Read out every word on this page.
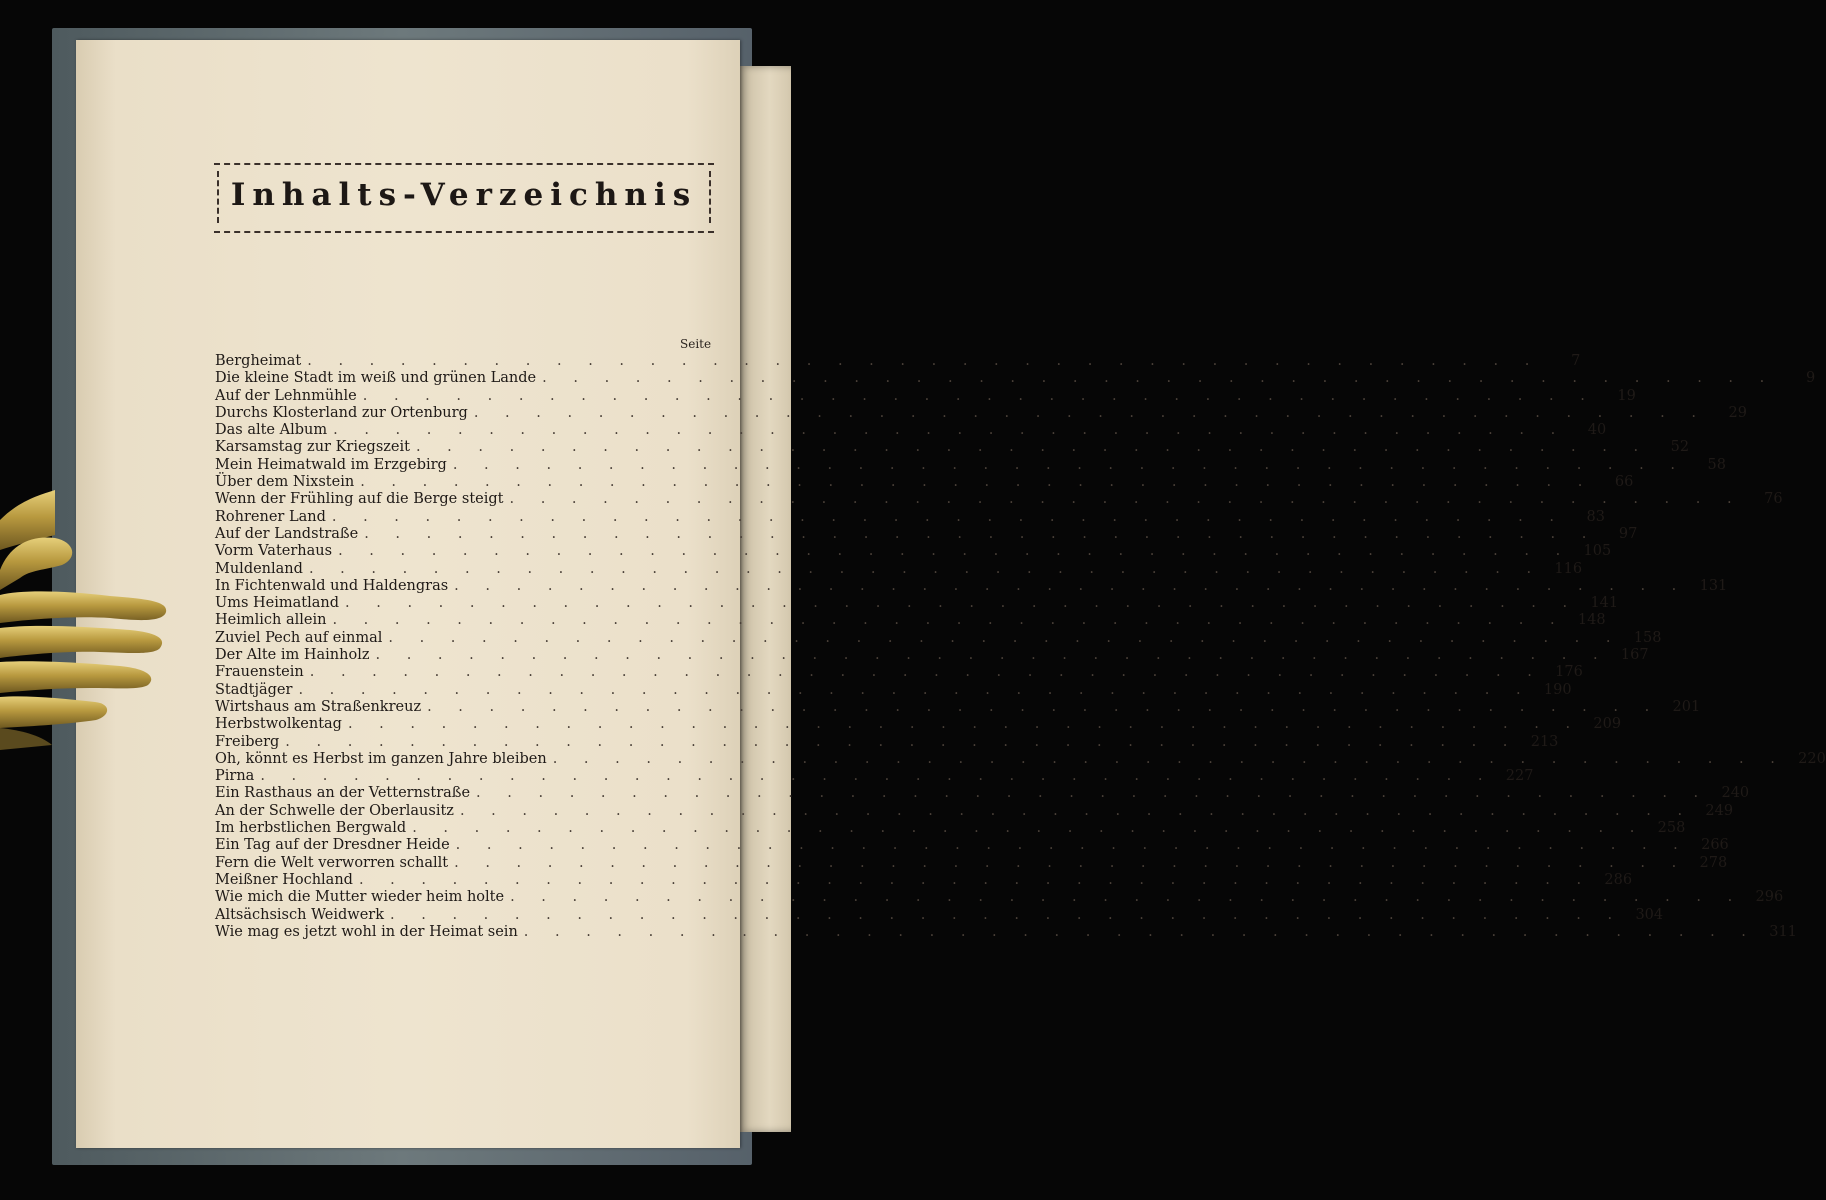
Inhalts-Verzeichnis
Seite
Bergheimat . . . . . . . . . . . . . . . . . . . . . . . . . . . . . . . . . . . . . . . .	7
Die kleine Stadt im weiß und grünen Lande . . . . . . . . . . . . . . . . . . . . . . . . . . . . . . . . . . . . . . . .	9
Auf der Lehnmühle . . . . . . . . . . . . . . . . . . . . . . . . . . . . . . . . . . . . . . . .	19
Durchs Klosterland zur Ortenburg . . . . . . . . . . . . . . . . . . . . . . . . . . . . . . . . . . . . . . . .	29
Das alte Album . . . . . . . . . . . . . . . . . . . . . . . . . . . . . . . . . . . . . . . .	40
Karsamstag zur Kriegszeit . . . . . . . . . . . . . . . . . . . . . . . . . . . . . . . . . . . . . . . .	52
Mein Heimatwald im Erzgebirg . . . . . . . . . . . . . . . . . . . . . . . . . . . . . . . . . . . . . . . .	58
Über dem Nixstein . . . . . . . . . . . . . . . . . . . . . . . . . . . . . . . . . . . . . . . .	66
Wenn der Frühling auf die Berge steigt . . . . . . . . . . . . . . . . . . . . . . . . . . . . . . . . . . . . . . . .	76
Rohrener Land . . . . . . . . . . . . . . . . . . . . . . . . . . . . . . . . . . . . . . . .	83
Auf der Landstraße . . . . . . . . . . . . . . . . . . . . . . . . . . . . . . . . . . . . . . . .	97
Vorm Vaterhaus . . . . . . . . . . . . . . . . . . . . . . . . . . . . . . . . . . . . . . . . 105
Muldenland . . . . . . . . . . . . . . . . . . . . . . . . . . . . . . . . . . . . . . . . 116
In Fichtenwald und Haldengras . . . . . . . . . . . . . . . . . . . . . . . . . . . . . . . . . . . . . . . . 131
Ums Heimatland . . . . . . . . . . . . . . . . . . . . . . . . . . . . . . . . . . . . . . . . 141
Heimlich allein . . . . . . . . . . . . . . . . . . . . . . . . . . . . . . . . . . . . . . . . 148
Zuviel Pech auf einmal . . . . . . . . . . . . . . . . . . . . . . . . . . . . . . . . . . . . . . . . 158
Der Alte im Hainholz . . . . . . . . . . . . . . . . . . . . . . . . . . . . . . . . . . . . . . . . 167
Frauenstein . . . . . . . . . . . . . . . . . . . . . . . . . . . . . . . . . . . . . . . . 176
Stadtjäger . . . . . . . . . . . . . . . . . . . . . . . . . . . . . . . . . . . . . . . . 190
Wirtshaus am Straßenkreuz . . . . . . . . . . . . . . . . . . . . . . . . . . . . . . . . . . . . . . . . 201
Herbstwolkentag . . . . . . . . . . . . . . . . . . . . . . . . . . . . . . . . . . . . . . . . 209
Freiberg . . . . . . . . . . . . . . . . . . . . . . . . . . . . . . . . . . . . . . . . 213
Oh, könnt es Herbst im ganzen Jahre bleiben . . . . . . . . . . . . . . . . . . . . . . . . . . . . . . . . . . . . . . . . 220
Pirna . . . . . . . . . . . . . . . . . . . . . . . . . . . . . . . . . . . . . . . . 227
Ein Rasthaus an der Vetternstraße . . . . . . . . . . . . . . . . . . . . . . . . . . . . . . . . . . . . . . . . 240
An der Schwelle der Oberlausitz . . . . . . . . . . . . . . . . . . . . . . . . . . . . . . . . . . . . . . . . 249
Im herbstlichen Bergwald . . . . . . . . . . . . . . . . . . . . . . . . . . . . . . . . . . . . . . . . 258
Ein Tag auf der Dresdner Heide . . . . . . . . . . . . . . . . . . . . . . . . . . . . . . . . . . . . . . . . 266
Fern die Welt verworren schallt . . . . . . . . . . . . . . . . . . . . . . . . . . . . . . . . . . . . . . . . 278
Meißner Hochland . . . . . . . . . . . . . . . . . . . . . . . . . . . . . . . . . . . . . . . . 286
Wie mich die Mutter wieder heim holte . . . . . . . . . . . . . . . . . . . . . . . . . . . . . . . . . . . . . . . . 296
Altsächsisch Weidwerk . . . . . . . . . . . . . . . . . . . . . . . . . . . . . . . . . . . . . . . . 304
Wie mag es jetzt wohl in der Heimat sein . . . . . . . . . . . . . . . . . . . . . . . . . . . . . . . . . . . . . . . . 311
